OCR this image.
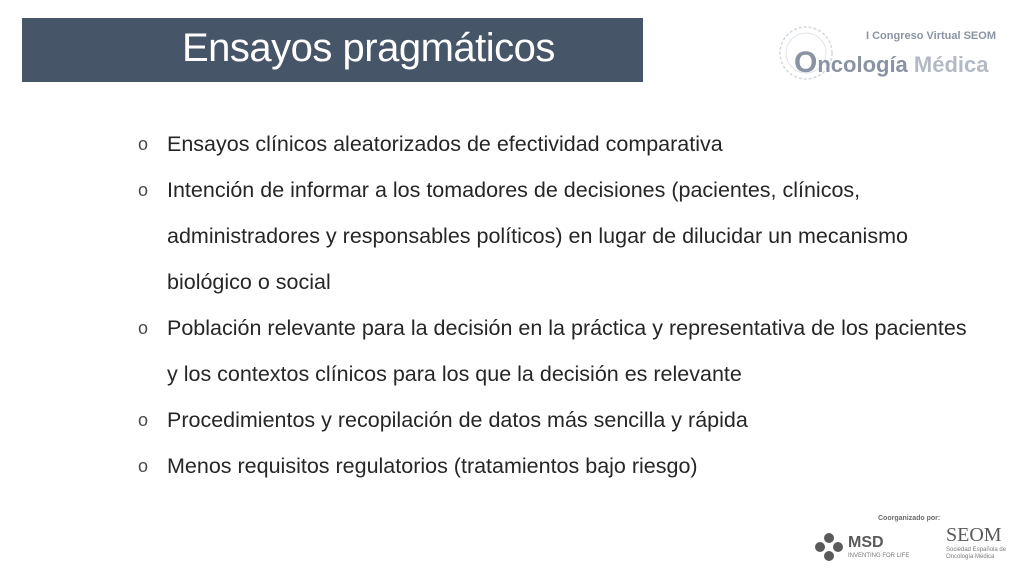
Ensayos pragmáticos	I Congreso Virtual SEOM
Oncología Médica
o Ensayos clínicos aleatorizados de efectividad comparativa
o Intención de informar a los tomadores de decisiones (pacientes, clínicos, administradores y responsables políticos) en lugar de dilucidar un mecanismo biológico o social
o Población relevante para la decisión en la práctica y representativa de los pacientes y los contextos clínicos para los que la decisión es relevante
o Procedimientos y recopilación de datos más sencilla y rápida
o Menos requisitos regulatorios (tratamientos bajo riesgo)
Coorganizado por:
MSD
INVENTING FOR LIFE
SEOM
Sociedad Española de Oncología Médica
